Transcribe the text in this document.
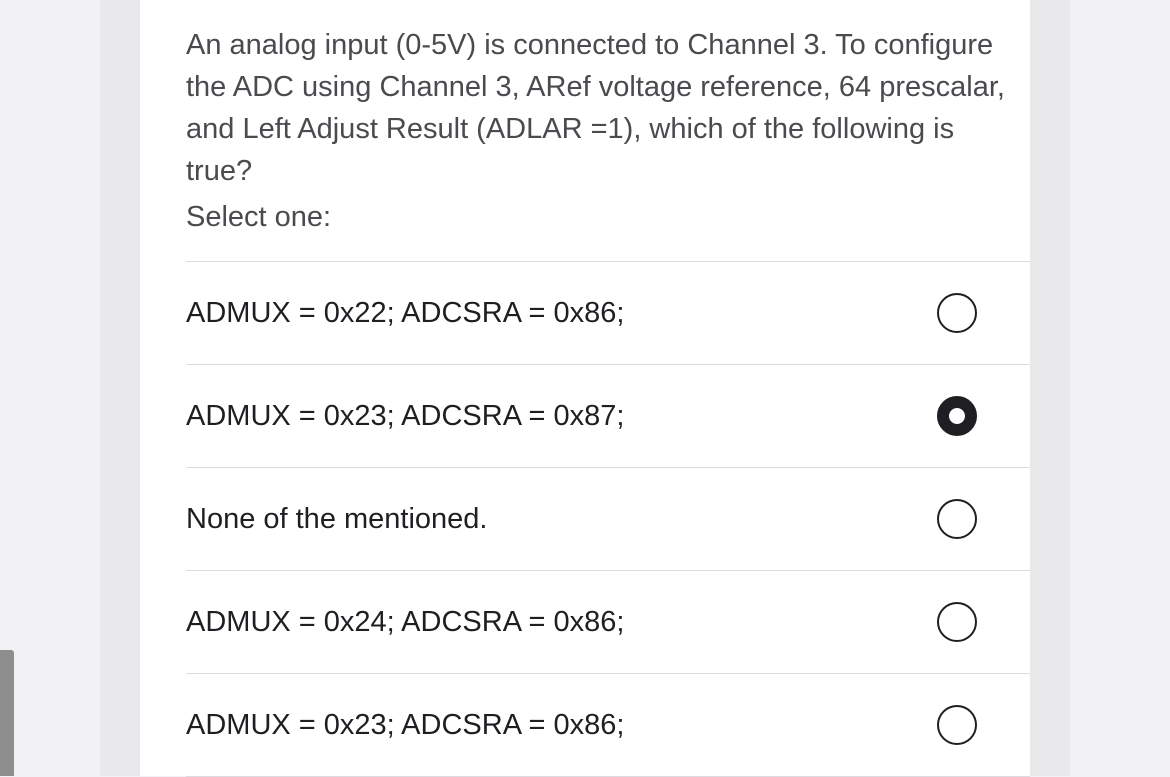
An analog input (0-5V) is connected to Channel 3. To configure the ADC using Channel 3, ARef voltage reference, 64 prescalar, and Left Adjust Result (ADLAR =1), which of the following is true?

Select one:
ADMUX = 0x22; ADCSRA = 0x86;
ADMUX = 0x23; ADCSRA = 0x87;
None of the mentioned.
ADMUX = 0x24; ADCSRA = 0x86;
ADMUX = 0x23; ADCSRA = 0x86;
